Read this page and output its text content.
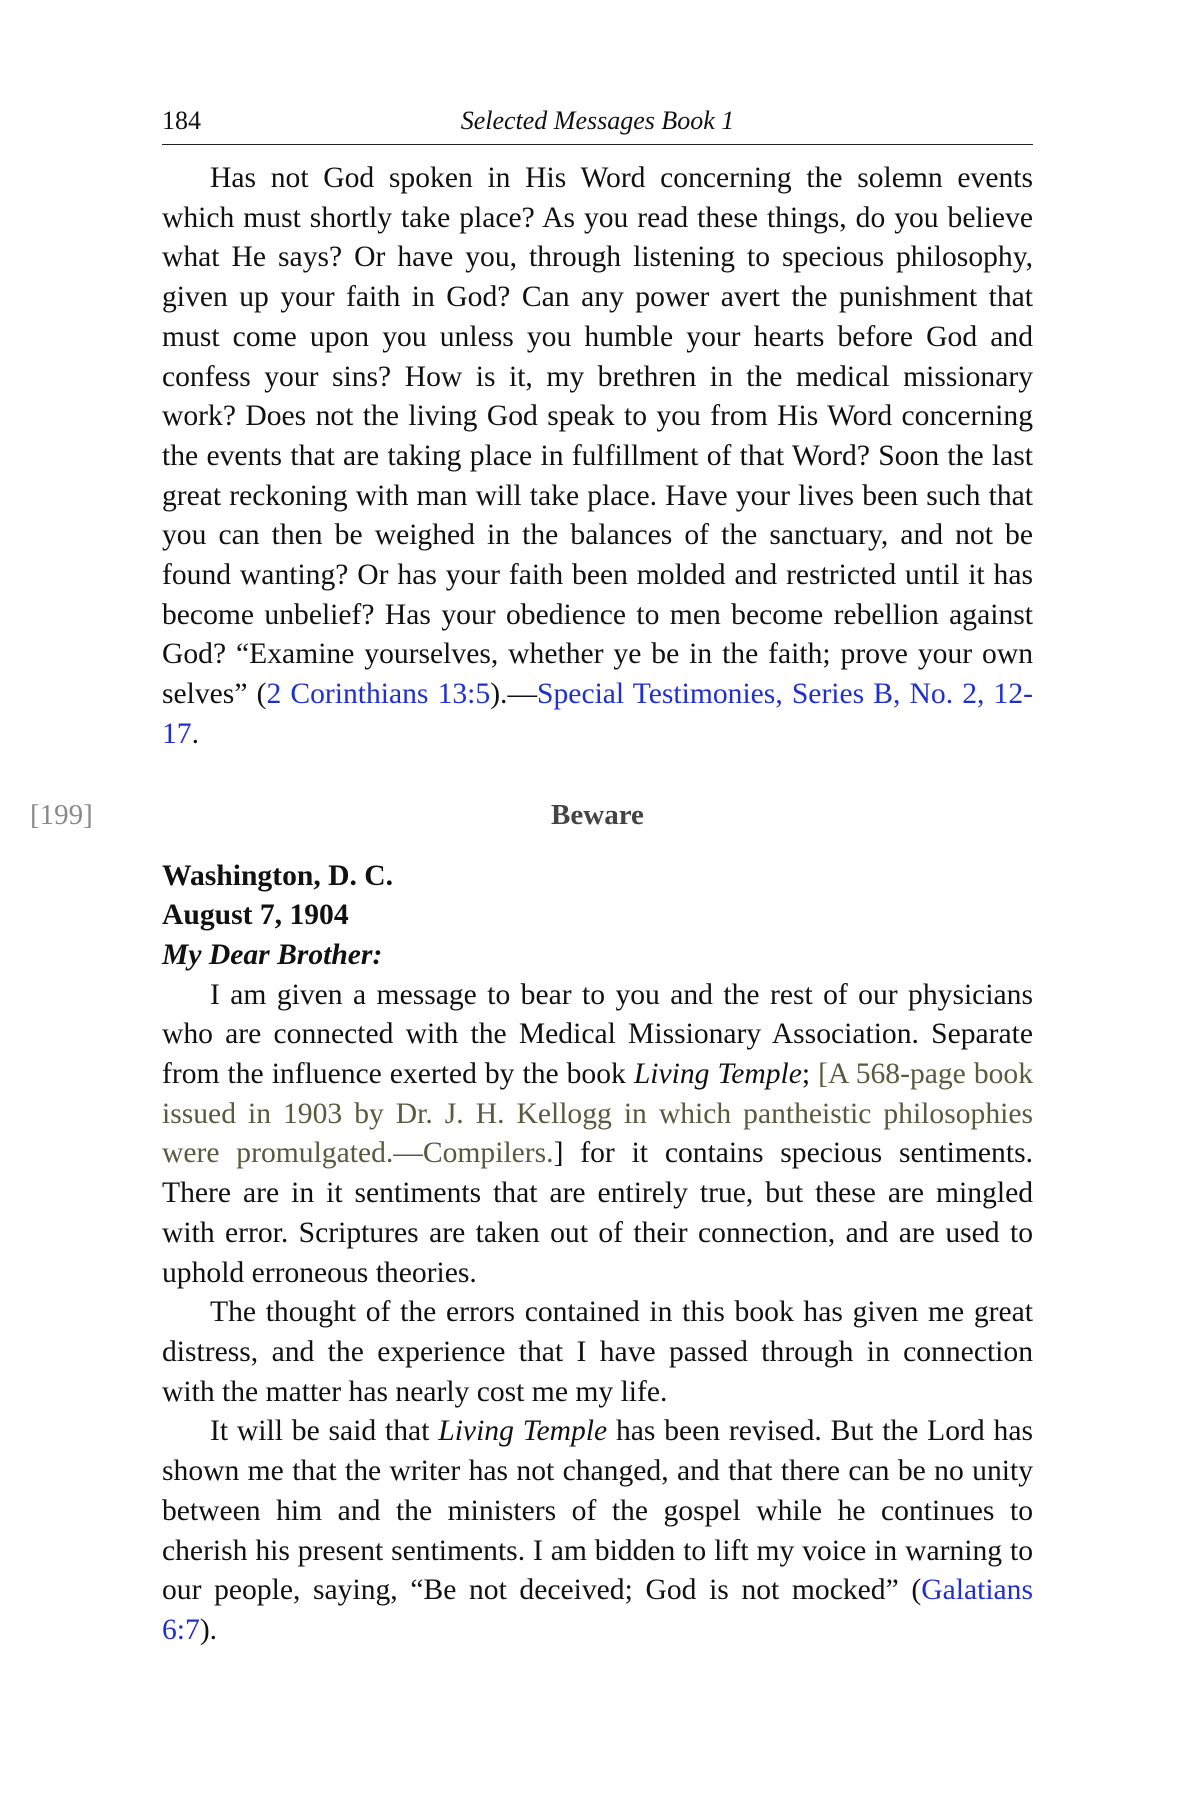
184	Selected Messages Book 1

Has not God spoken in His Word concerning the solemn events which must shortly take place? As you read these things, do you believe what He says? Or have you, through listening to specious philosophy, given up your faith in God? Can any power avert the punishment that must come upon you unless you humble your hearts before God and confess your sins? How is it, my brethren in the medical missionary work? Does not the living God speak to you from His Word concerning the events that are taking place in fulfillment of that Word? Soon the last great reckoning with man will take place. Have your lives been such that you can then be weighed in the balances of the sanctuary, and not be found wanting? Or has your faith been molded and restricted until it has become unbelief? Has your obedience to men become rebellion against God? “Examine yourselves, whether ye be in the faith; prove your own selves” (2 Corinthians 13:5).—Special Testimonies, Series B, No. 2, 12-17.

[199]	Beware

Washington, D. C.

August 7, 1904

My Dear Brother:

I am given a message to bear to you and the rest of our physicians who are connected with the Medical Missionary Association. Separate from the influence exerted by the book Living Temple; [A 568-page book issued in 1903 by Dr. J. H. Kellogg in which pantheistic philosophies were promulgated.—Compilers.] for it contains specious sentiments. There are in it sentiments that are entirely true, but these are mingled with error. Scriptures are taken out of their connection, and are used to uphold erroneous theories.

The thought of the errors contained in this book has given me great distress, and the experience that I have passed through in connection with the matter has nearly cost me my life.

It will be said that Living Temple has been revised. But the Lord has shown me that the writer has not changed, and that there can be no unity between him and the ministers of the gospel while he continues to cherish his present sentiments. I am bidden to lift my voice in warning to our people, saying, “Be not deceived; God is not mocked” (Galatians 6:7).
